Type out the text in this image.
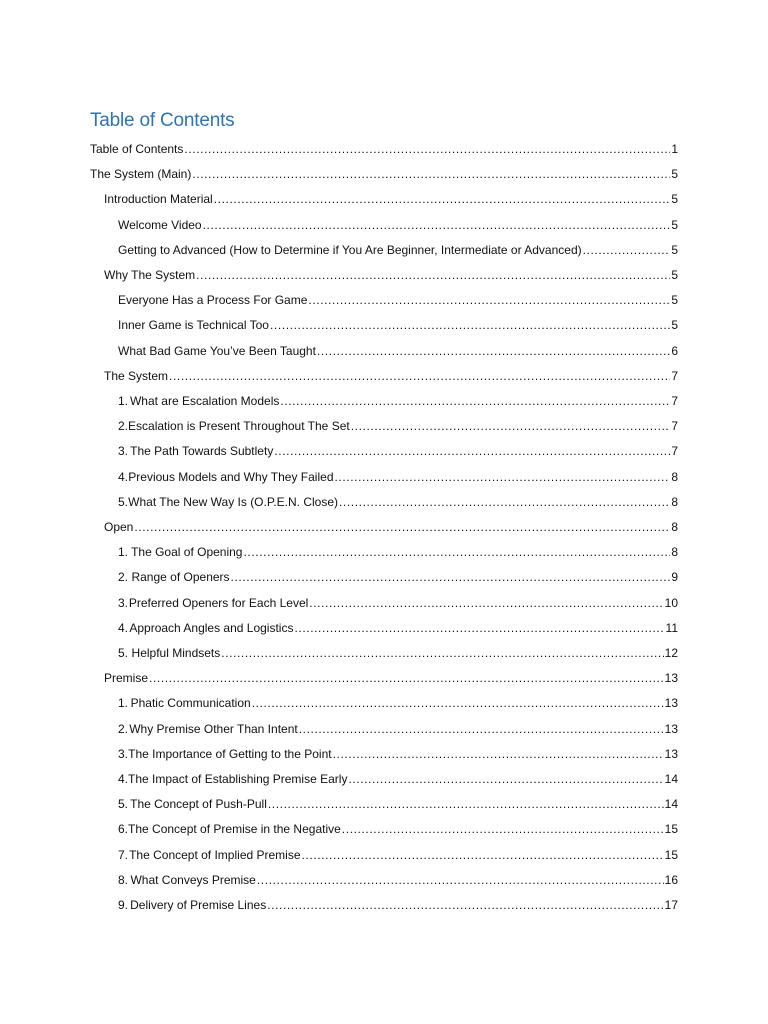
Table of Contents
Table of Contents .....	1
The System (Main) .....	5
Introduction Material .....	5
Welcome Video .....	5
Getting to Advanced (How to Determine if You Are Beginner, Intermediate or Advanced) .....	5
Why The System .....	5
Everyone Has a Process For Game .....	5
Inner Game is Technical Too .....	5
What Bad Game You’ve Been Taught .....	6
The System .....	7
1. What are Escalation Models .....	7
2. Escalation is Present Throughout The Set .....	7
3. The Path Towards Subtlety .....	7
4. Previous Models and Why They Failed .....	8
5. What The New Way Is (O.P.E.N. Close) .....	8
Open .....	8
1. The Goal of Opening .....	8
2. Range of Openers .....	9
3. Preferred Openers for Each Level .....	10
4. Approach Angles and Logistics .....	11
5. Helpful Mindsets .....	12
Premise .....	13
1. Phatic Communication .....	13
2. Why Premise Other Than Intent .....	13
3. The Importance of Getting to the Point .....	13
4. The Impact of Establishing Premise Early .....	14
5. The Concept of Push-Pull .....	14
6. The Concept of Premise in the Negative .....	15
7. The Concept of Implied Premise .....	15
8. What Conveys Premise .....	16
9. Delivery of Premise Lines .....	17
